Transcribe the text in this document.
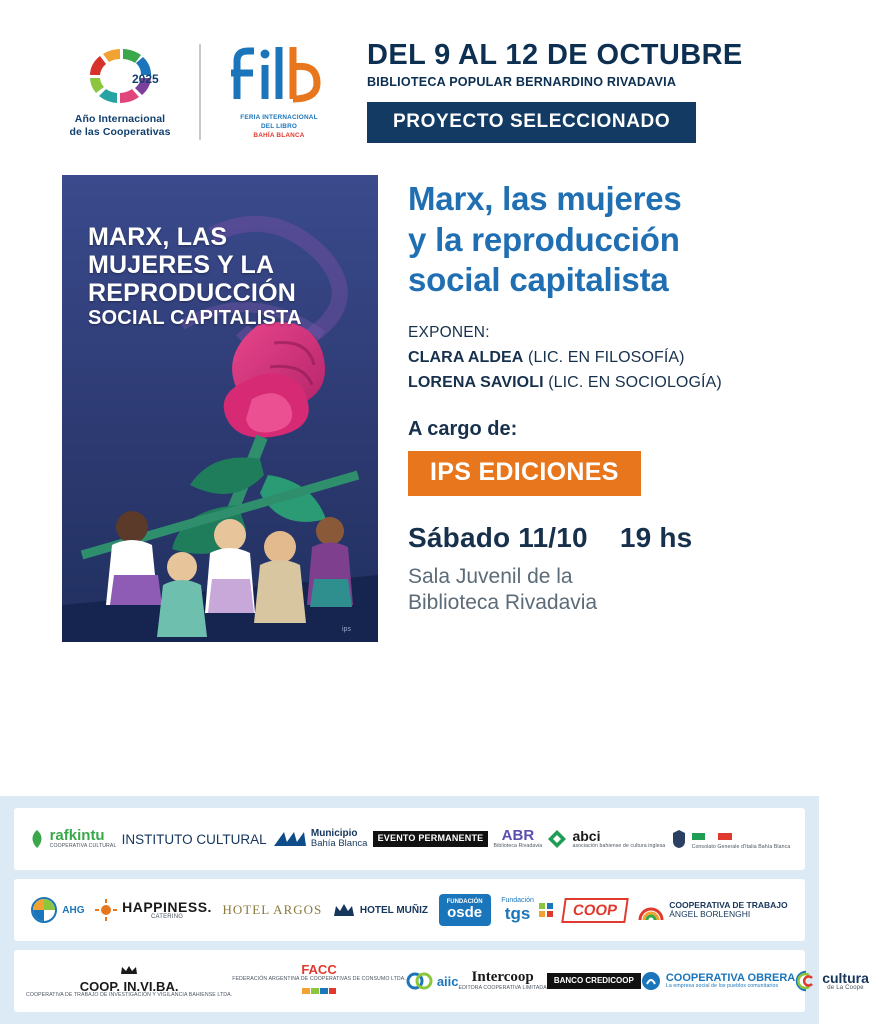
2025
Año Internacional
de las Cooperativas
FERIA INTERNACIONAL
DEL LIBRO
BAHÍA BLANCA
DEL 9 AL 12 DE OCTUBRE
BIBLIOTECA POPULAR BERNARDINO RIVADAVIA
PROYECTO SELECCIONADO
ips
MARX, LAS
MUJERES Y LA
REPRODUCCIÓN
SOCIAL CAPITALISTA
Marx, las mujeres
y la reproducción
social capitalista
EXPONEN:
CLARA ALDEA (LIC. EN FILOSOFÍA)
LORENA SAVIOLI (LIC. EN SOCIOLOGÍA)
A cargo de:
IPS EDICIONES
Sábado 11/10 19 hs
Sala Juvenil de la
Biblioteca Rivadavia
rafkintu
COOPERATIVA CULTURAL INSTITUTO CULTURAL	Municipio
Bahía Blanca	EVENTO PERMANENTE	ABR
Biblioteca Rivadavia
abci
asociación bahiense de cultura inglesa	Consolato Generale d'Italia Bahía Blanca
AHG	HAPPINESS.
CATERING
HOTEL ARGOS	HOTEL MUÑIZ
FUNDACIÓN
osde
Fundación
tgs	COOP	COOPERATIVA DE TRABAJO
ÁNGEL BORLENGHI
COOP. IN.VI.BA.
COOPERATIVA DE TRABAJO DE INVESTIGACIÓN Y VIGILANCIA BAHIENSE LTDA.
FACC
FEDERACIÓN ARGENTINA DE COOPERATIVAS DE CONSUMO LTDA. aiic Intercoop
EDITORA COOPERATIVA LIMITADA
BANCO CREDICOOP	COOPERATIVA OBRERA
La empresa social de los pueblos comunitarios
cultura
de La Coope
